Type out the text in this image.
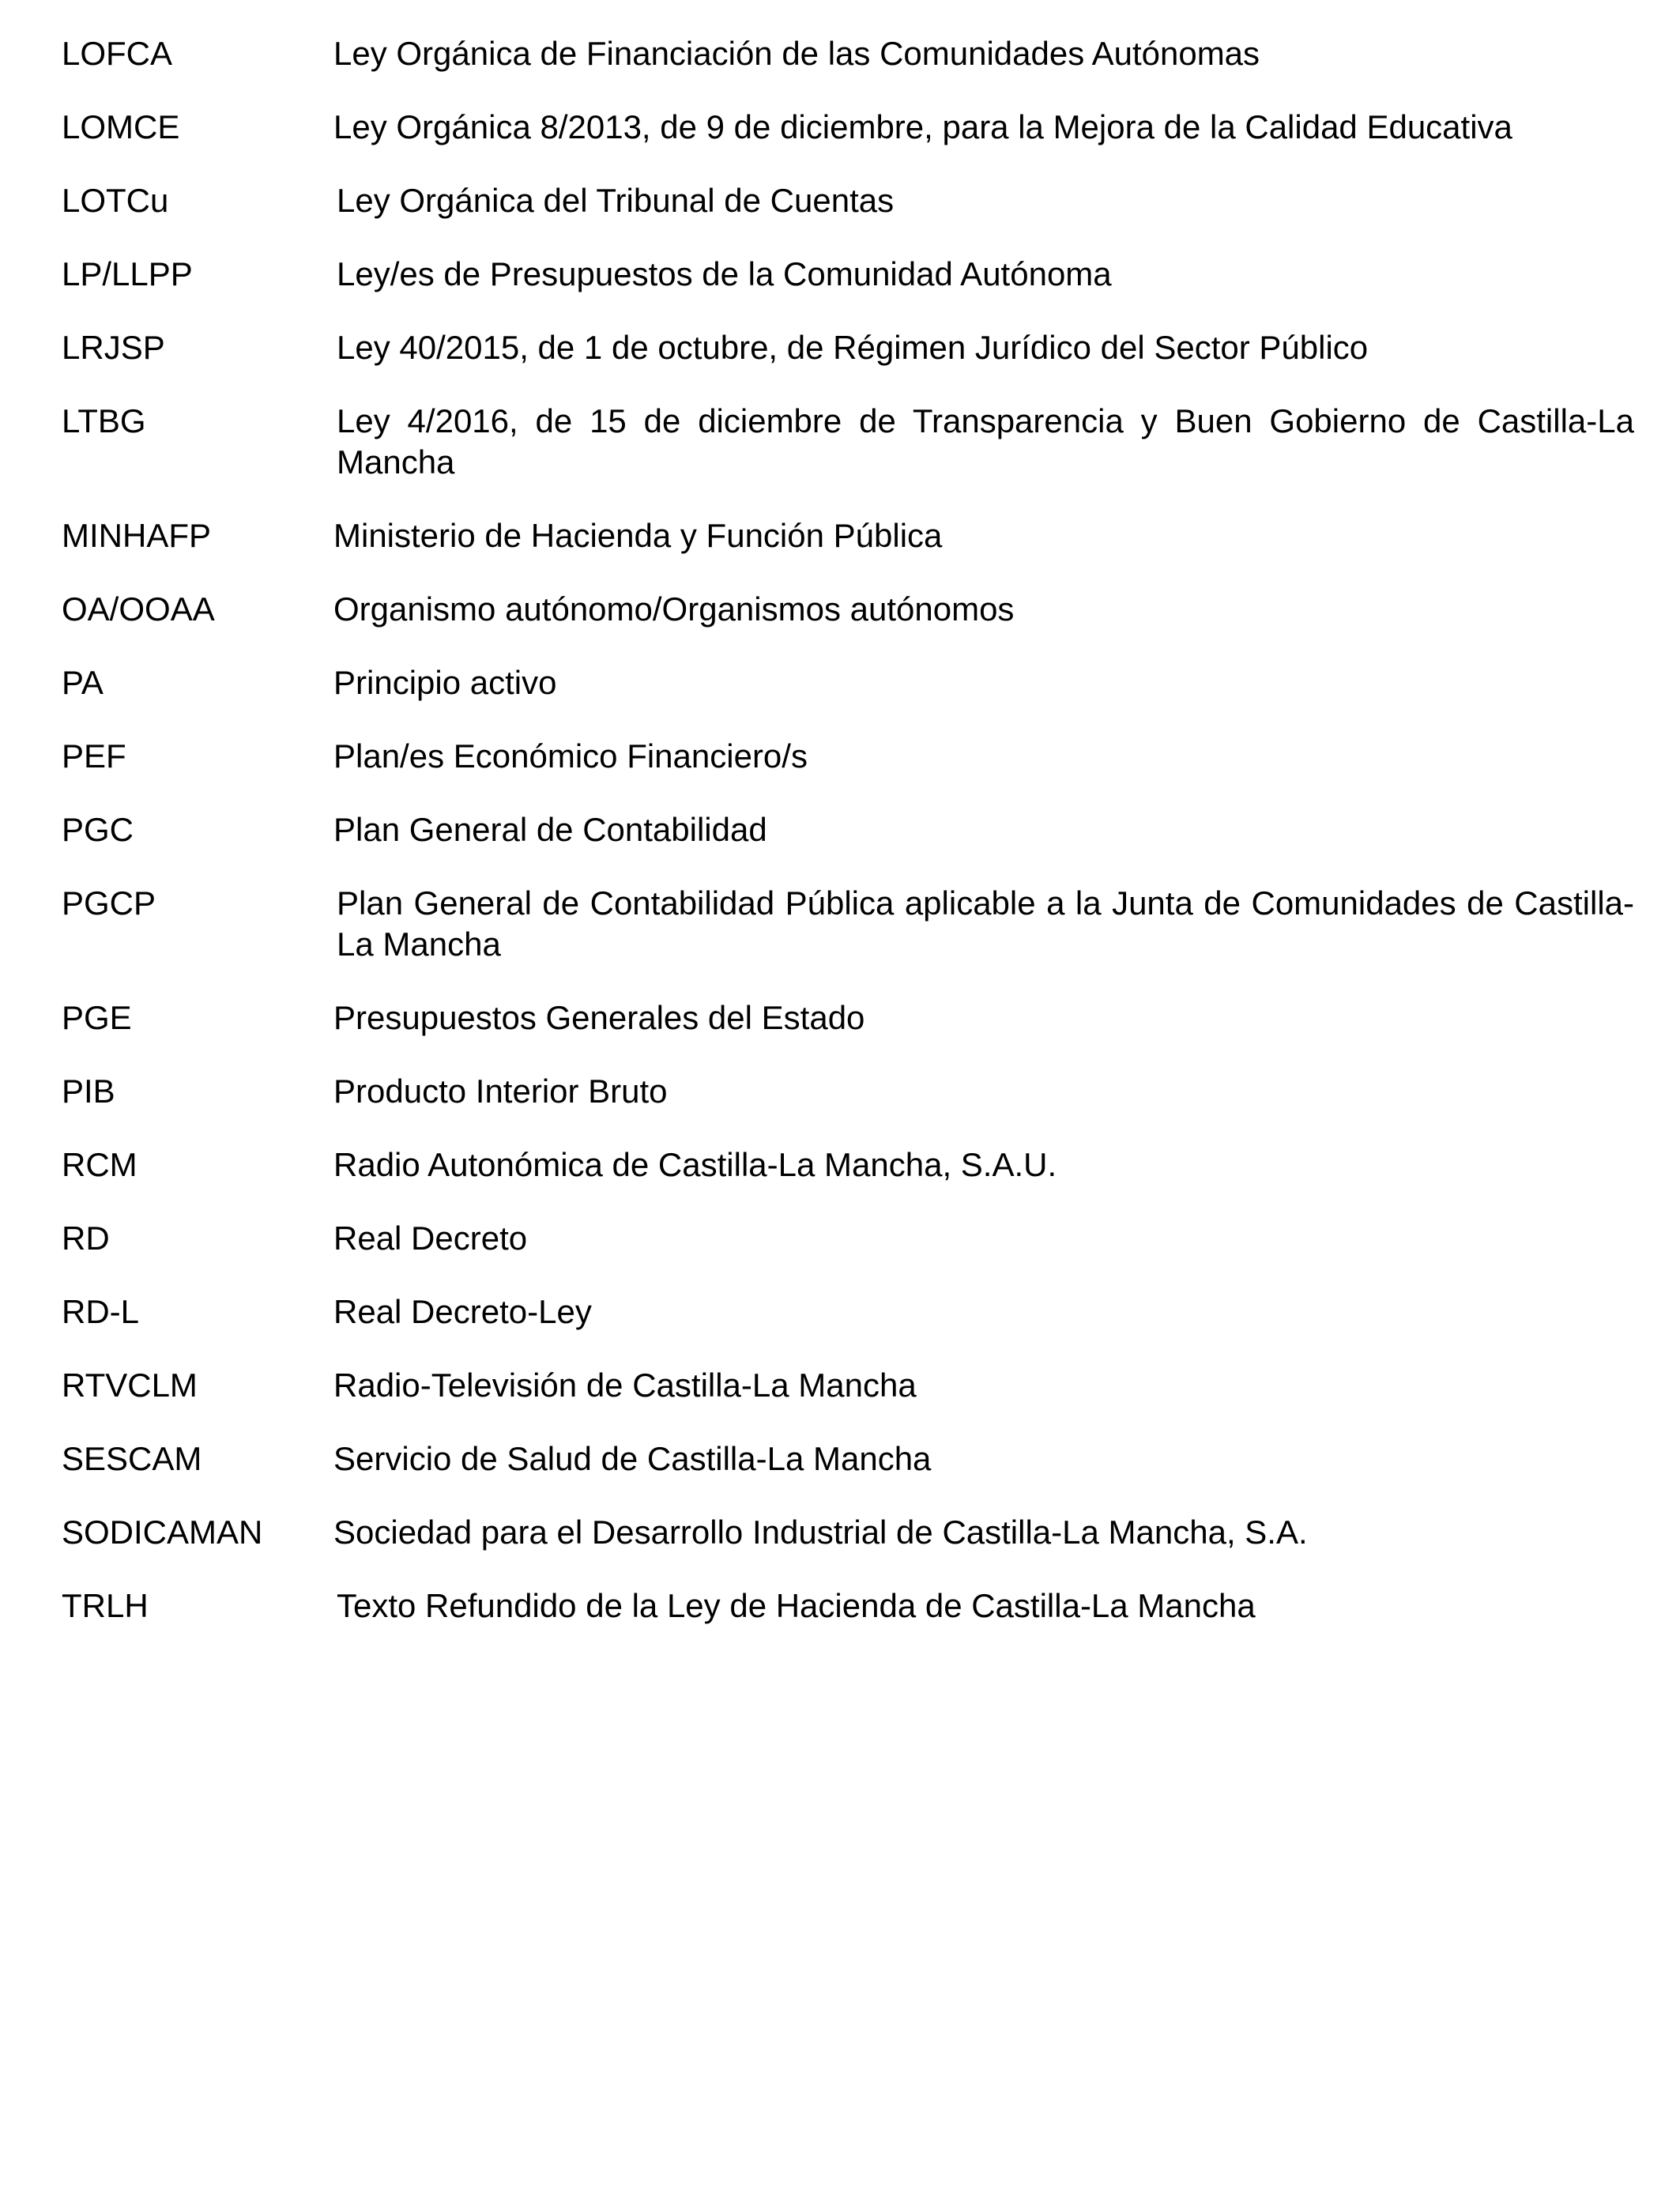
LOFCA	Ley Orgánica de Financiación de las Comunidades Autónomas
LOMCE	Ley Orgánica 8/2013, de 9 de diciembre, para la Mejora de la Calidad Educativa
LOTCu	Ley Orgánica del Tribunal de Cuentas
LP/LLPP	Ley/es de Presupuestos de la Comunidad Autónoma
LRJSP	Ley 40/2015, de 1 de octubre, de Régimen Jurídico del Sector Público
LTBG	Ley 4/2016, de 15 de diciembre de Transparencia y Buen Gobierno de Castilla-La Mancha
MINHAFP	Ministerio de Hacienda y Función Pública
OA/OOAA	Organismo autónomo/Organismos autónomos
PA	Principio activo
PEF	Plan/es Económico Financiero/s
PGC	Plan General de Contabilidad
PGCP	Plan General de Contabilidad Pública aplicable a la Junta de Comunidades de Castilla-La Mancha
PGE	Presupuestos Generales del Estado
PIB	Producto Interior Bruto
RCM	Radio Autonómica de Castilla-La Mancha, S.A.U.
RD	Real Decreto
RD-L	Real Decreto-Ley
RTVCLM	Radio-Televisión de Castilla-La Mancha
SESCAM	Servicio de Salud de Castilla-La Mancha
SODICAMAN	Sociedad para el Desarrollo Industrial de Castilla-La Mancha, S.A.
TRLH	Texto Refundido de la Ley de Hacienda de Castilla-La Mancha
